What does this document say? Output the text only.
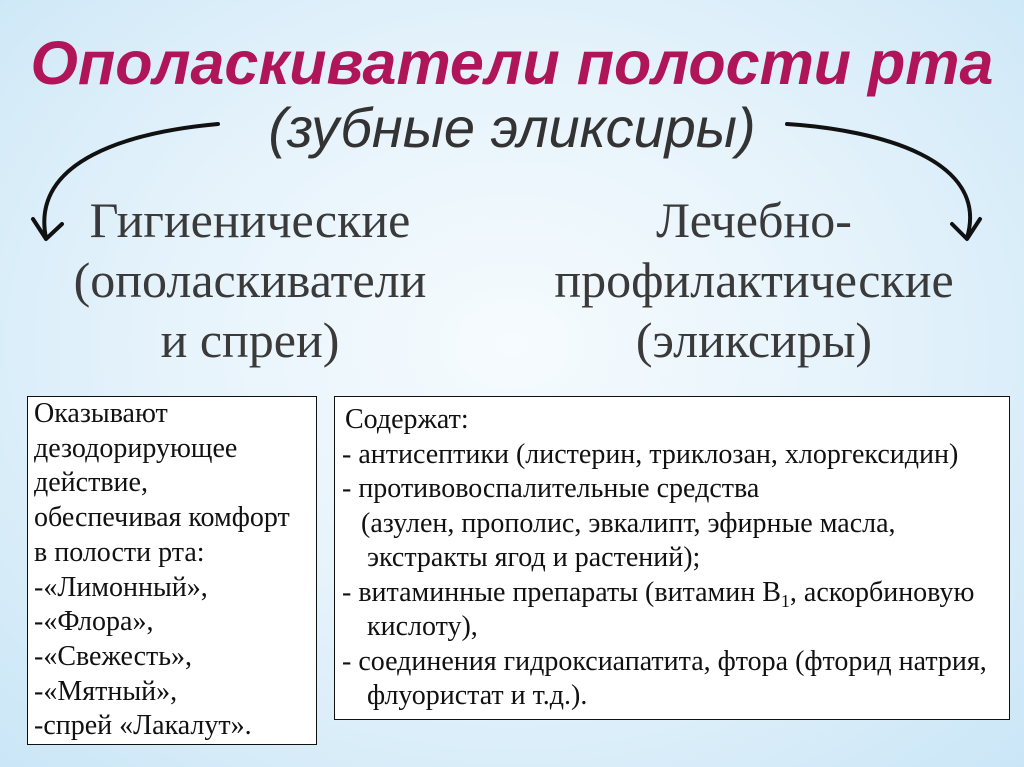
Ополаскиватели полости рта
(зубные эликсиры)
Гигиенические
(ополаскиватели
и спреи)
Лечебно-
профилактические
(эликсиры)
Оказывают
дезодорирующее
действие,
обеспечивая комфорт
в полости рта:
-«Лимонный»,
-«Флора»,
-«Свежесть»,
-«Мятный»,
-спрей «Лакалут».
Содержат:
- антисептики (листерин, триклозан, хлоргексидин)
- противовоспалительные средства
(азулен, прополис, эвкалипт, эфирные масла,
экстракты ягод и растений);
- витаминные препараты (витамин $B_1$, аскорбиновую
кислоту),
- соединения гидроксиапатита, фтора (фторид натрия,
флуористат и т.д.).
